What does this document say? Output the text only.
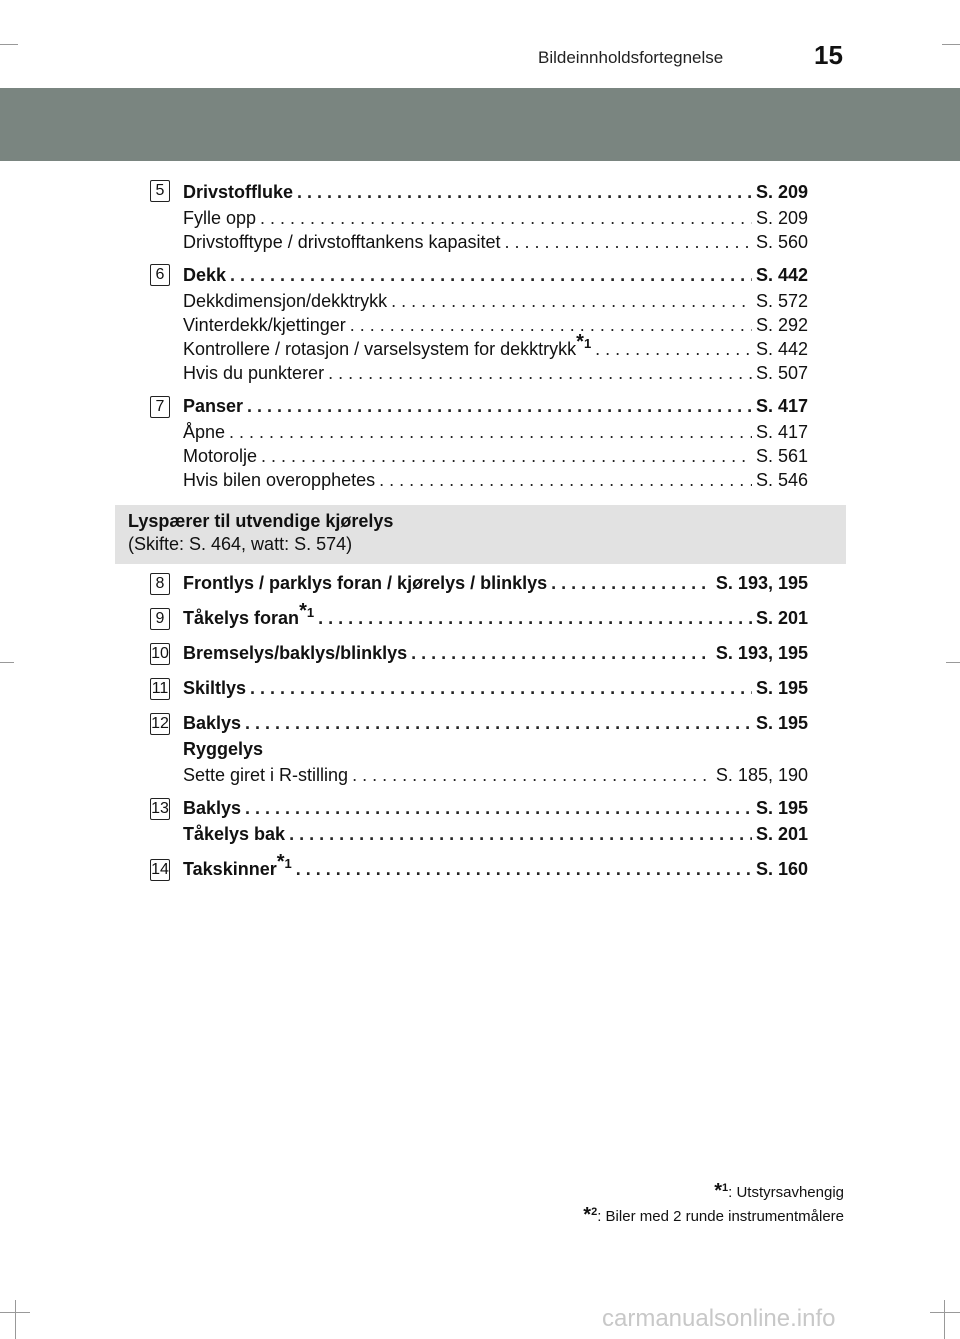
Bildeinnholdsfortegnelse	15
5	Drivstoffluke . . .	S. 209
Fylle opp . . .	S. 209
Drivstofftype / drivstofftankens kapasitet . . .	S. 560
6	Dekk . . .	S. 442
Dekkdimensjon/dekktrykk . . .	S. 572
Vinterdekk/kjettinger . . .	S. 292
Kontrollere / rotasjon / varselsystem for dekktrykk$^{*1}$ . . .	S. 442
Hvis du punkterer . . .	S. 507
7	Panser . . .	S. 417
Åpne . . .	S. 417
Motorolje . . .	S. 561
Hvis bilen overopphetes . . .	S. 546
Lyspærer til utvendige kjørelys
(Skifte: S. 464, watt: S. 574)
8	Frontlys / parklys foran / kjørelys / blinklys . . .	S. 193, 195
9	Tåkelys foran$^{*1}$ . . .	S. 201
10 Bremselys/baklys/blinklys . . .	S. 193, 195
11 Skiltlys . . .	S. 195
12 Baklys . . .	S. 195
Ryggelys
Sette giret i R-stilling . . .	S. 185, 190
13 Baklys . . .	S. 195
Tåkelys bak . . .	S. 201
14 Takskinner$^{*1}$ . . .	S. 160
*$^1$: Utstyrsavhengig
*$^2$: Biler med 2 runde instrumentmålere
carmanualsonline.info
